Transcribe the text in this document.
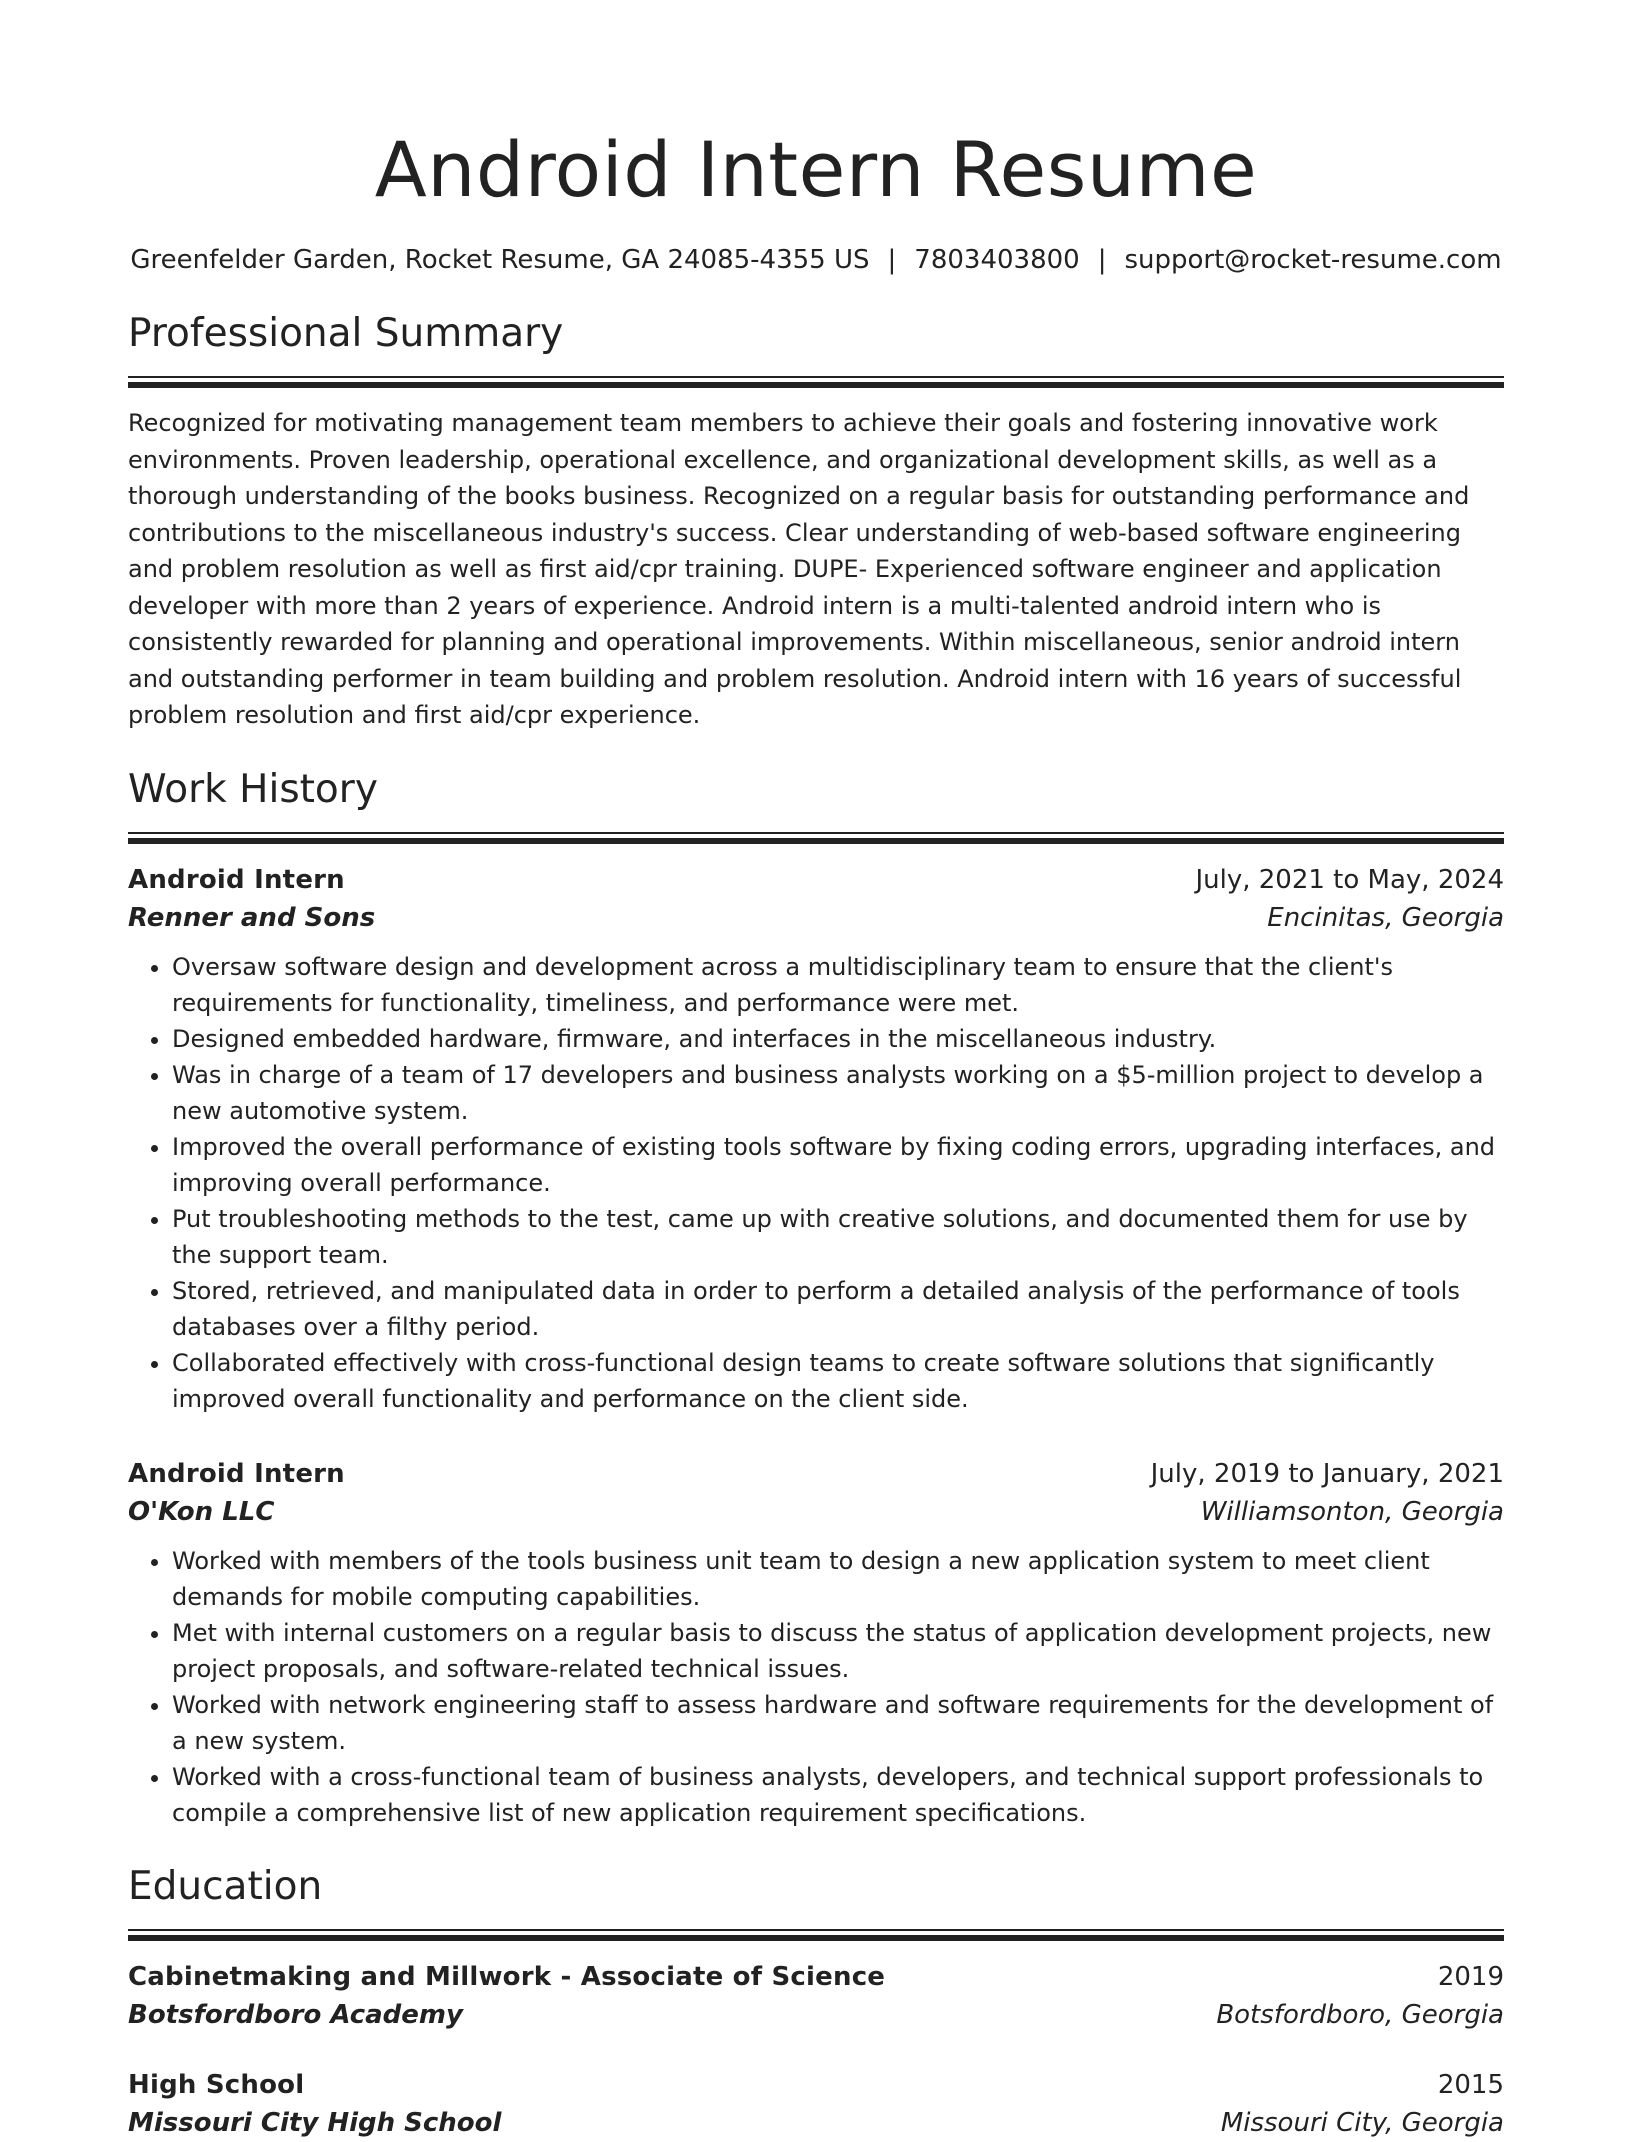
Android Intern Resume
Greenfelder Garden, Rocket Resume, GA 24085-4355 US | 7803403800 | support@rocket-resume.com
Professional Summary

Recognized for motivating management team members to achieve their goals and fostering innovative work environments. Proven leadership, operational excellence, and organizational development skills, as well as a thorough understanding of the books business. Recognized on a regular basis for outstanding performance and contributions to the miscellaneous industry's success. Clear understanding of web-based software engineering and problem resolution as well as first aid/cpr training. DUPE- Experienced software engineer and application developer with more than 2 years of experience. Android intern is a multi-talented android intern who is consistently rewarded for planning and operational improvements. Within miscellaneous, senior android intern and outstanding performer in team building and problem resolution. Android intern with 16 years of successful problem resolution and first aid/cpr experience.

Work History
Android Intern	July, 2021 to May, 2024
Renner and Sons	Encinitas, Georgia
• Oversaw software design and development across a multidisciplinary team to ensure that the client's requirements for functionality, timeliness, and performance were met.
• Designed embedded hardware, firmware, and interfaces in the miscellaneous industry.
• Was in charge of a team of 17 developers and business analysts working on a $5-million project to develop a new automotive system.
• Improved the overall performance of existing tools software by fixing coding errors, upgrading interfaces, and improving overall performance.
• Put troubleshooting methods to the test, came up with creative solutions, and documented them for use by the support team.
• Stored, retrieved, and manipulated data in order to perform a detailed analysis of the performance of tools databases over a filthy period.
• Collaborated effectively with cross-functional design teams to create software solutions that significantly improved overall functionality and performance on the client side.
Android Intern	July, 2019 to January, 2021
O'Kon LLC	Williamsonton, Georgia
• Worked with members of the tools business unit team to design a new application system to meet client demands for mobile computing capabilities.
• Met with internal customers on a regular basis to discuss the status of application development projects, new project proposals, and software-related technical issues.
• Worked with network engineering staff to assess hardware and software requirements for the development of a new system.
• Worked with a cross-functional team of business analysts, developers, and technical support professionals to compile a comprehensive list of new application requirement specifications.
Education
Cabinetmaking and Millwork - Associate of Science	2019
Botsfordboro Academy	Botsfordboro, Georgia
High School	2015
Missouri City High School	Missouri City, Georgia
